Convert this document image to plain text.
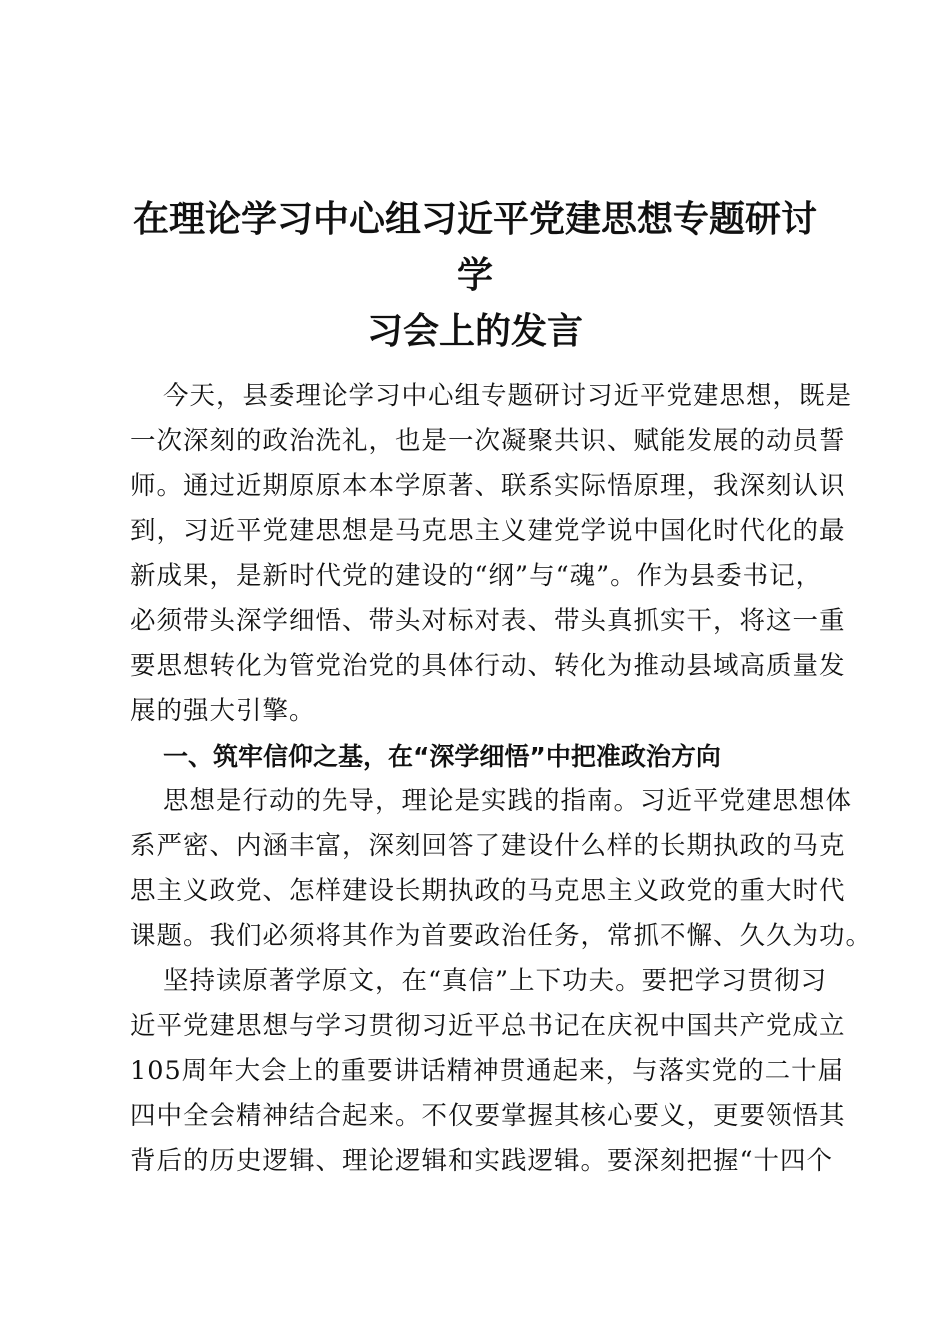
在理论学习中心组习近平党建思想专题研讨学
习会上的发言
今天，县委理论学习中心组专题研讨习近平党建思想，既是
一次深刻的政治洗礼，也是一次凝聚共识、赋能发展的动员誓
师。通过近期原原本本学原著、联系实际悟原理，我深刻认识
到，习近平党建思想是马克思主义建党学说中国化时代化的最
新成果，是新时代党的建设的“纲”与“魂”。作为县委书记，
必须带头深学细悟、带头对标对表、带头真抓实干，将这一重
要思想转化为管党治党的具体行动、转化为推动县域高质量发
展的强大引擎。
一、筑牢信仰之基，在“深学细悟”中把准政治方向
思想是行动的先导，理论是实践的指南。习近平党建思想体
系严密、内涵丰富，深刻回答了建设什么样的长期执政的马克
思主义政党、怎样建设长期执政的马克思主义政党的重大时代
课题。我们必须将其作为首要政治任务，常抓不懈、久久为功。
坚持读原著学原文，在“真信”上下功夫。要把学习贯彻习
近平党建思想与学习贯彻习近平总书记在庆祝中国共产党成立
105周年大会上的重要讲话精神贯通起来，与落实党的二十届
四中全会精神结合起来。不仅要掌握其核心要义，更要领悟其
背后的历史逻辑、理论逻辑和实践逻辑。要深刻把握“十四个
